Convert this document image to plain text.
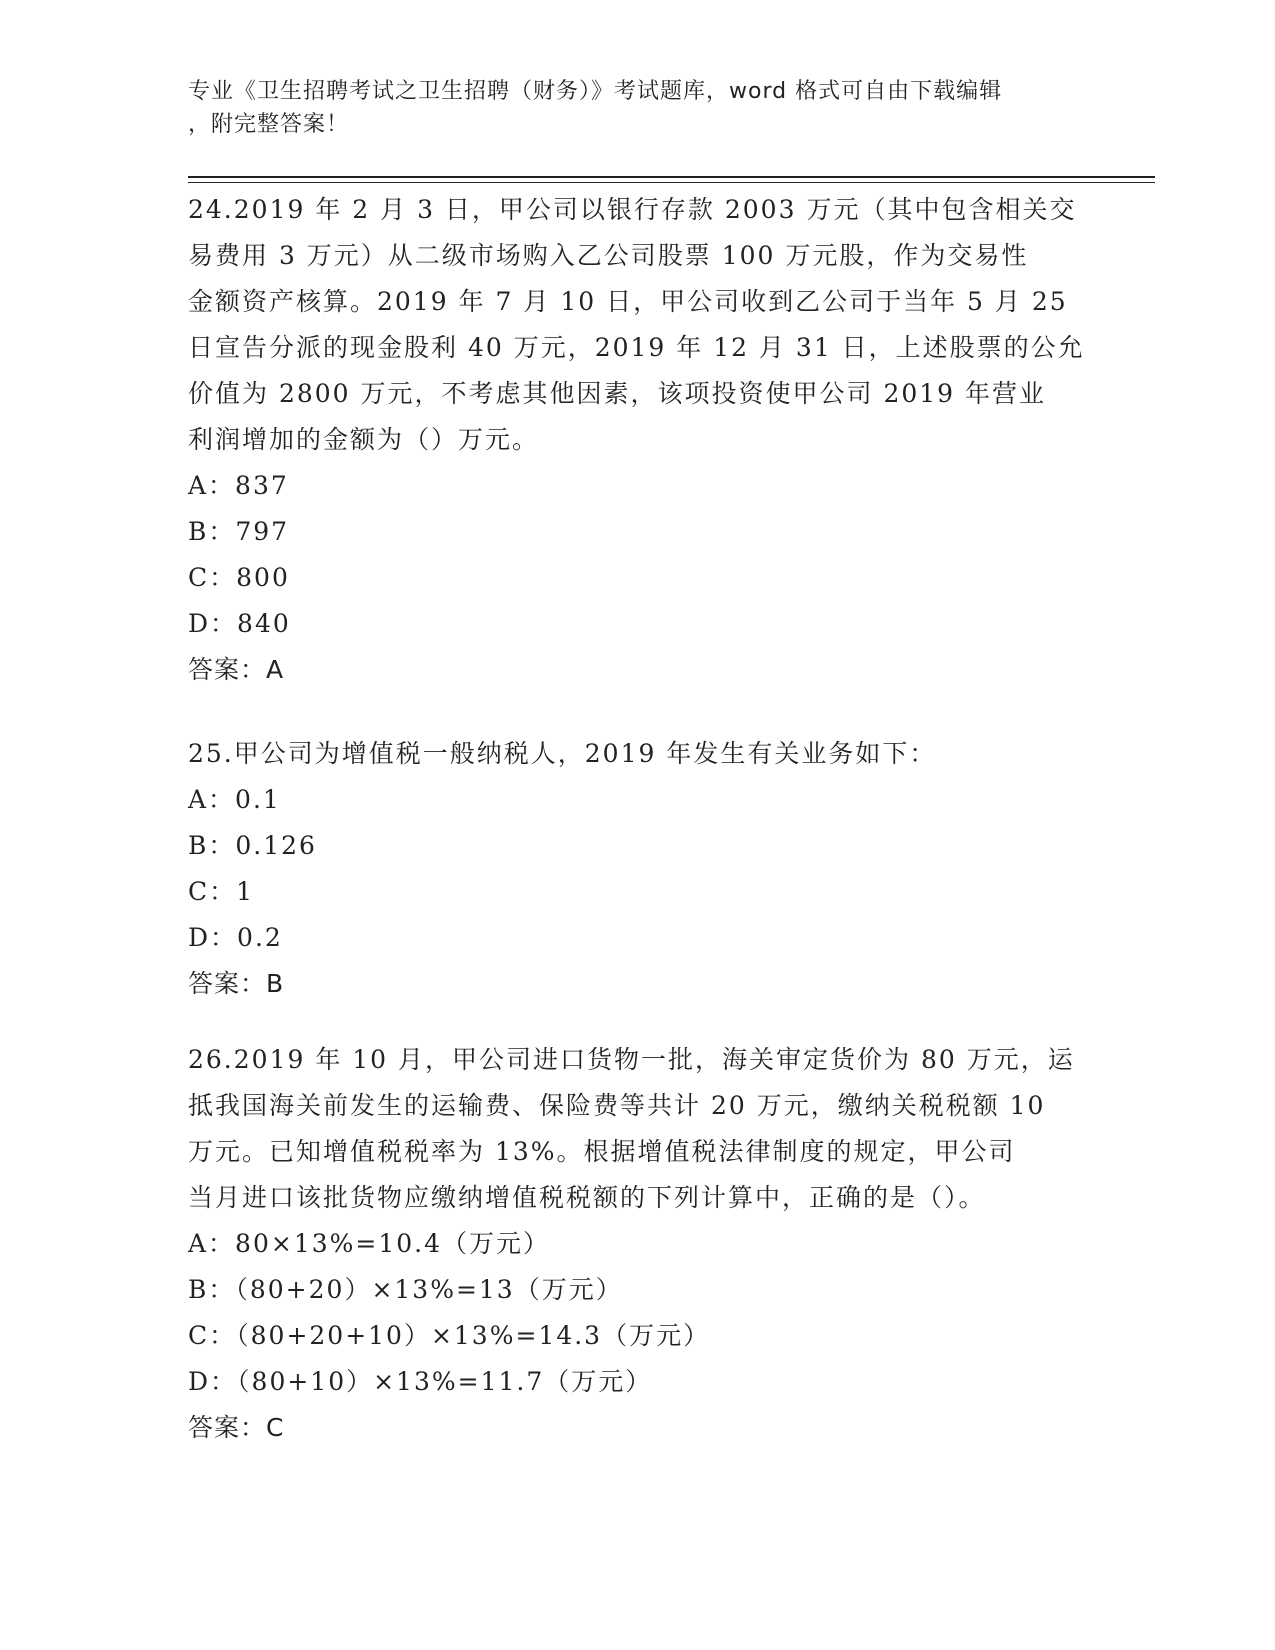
专业《卫生招聘考试之卫生招聘（财务）》考试题库，word 格式可自由下载编辑
，附完整答案！
24.2019 年 2 月 3 日，甲公司以银行存款 2003 万元（其中包含相关交
易费用 3 万元）从二级市场购入乙公司股票 100 万元股，作为交易性
金额资产核算。2019 年 7 月 10 日，甲公司收到乙公司于当年 5 月 25
日宣告分派的现金股利 40 万元，2019 年 12 月 31 日，上述股票的公允
价值为 2800 万元，不考虑其他因素，该项投资使甲公司 2019 年营业
利润增加的金额为（）万元。
A：837
B：797
C：800
D：840
答案：A
25.甲公司为增值税一般纳税人，2019 年发生有关业务如下：
A：0.1
B：0.126
C：1
D：0.2
答案：B
26.2019 年 10 月，甲公司进口货物一批，海关审定货价为 80 万元，运
抵我国海关前发生的运输费、保险费等共计 20 万元，缴纳关税税额 10
万元。已知增值税税率为 13%。根据增值税法律制度的规定，甲公司
当月进口该批货物应缴纳增值税税额的下列计算中，正确的是（）。
A：80×13%=10.4（万元）
B：（80+20）×13%=13（万元）
C：（80+20+10）×13%=14.3（万元）
D：（80+10）×13%=11.7（万元）
答案：C
